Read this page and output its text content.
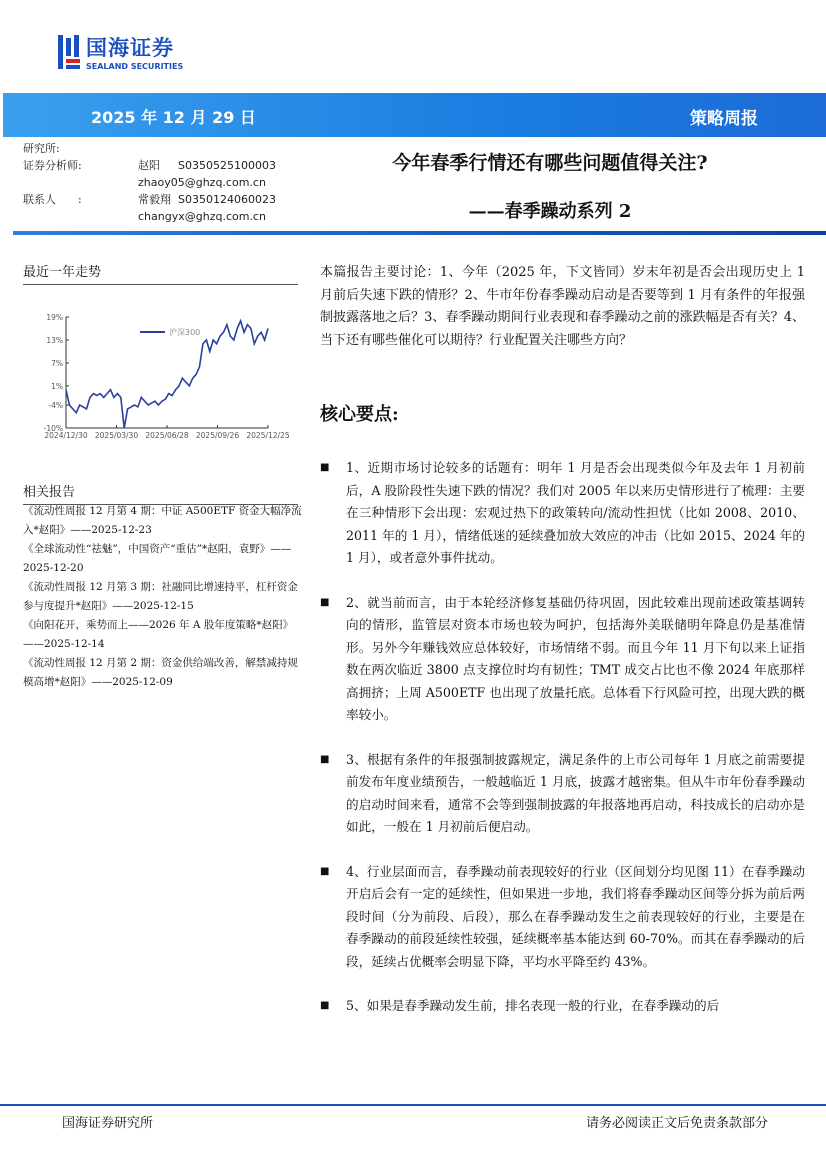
国海证券
SEALAND SECURITIES
2025 年 12 月 29 日	策略周报
研究所:
证券分析师:	赵阳	S0350525100003
zhaoy05@ghzq.com.cn
联系人　　:	常毅翔 S0350124060023
changyx@ghzq.com.cn
今年春季行情还有哪些问题值得关注?
——春季躁动系列 2
最近一年走势
沪深300
19%
13%
7%
1%
-4%
-10%
2024/12/30 2025/03/30 2025/06/28 2025/09/26 2025/12/25
相关报告
《流动性周报 12 月第 4 期：中证 A500ETF 资金大幅净流入*赵阳》——2025-12-23
《全球流动性“祛魅”，中国资产“重估”*赵阳，袁野》——2025-12-20
《流动性周报 12 月第 3 期：社融同比增速持平，杠杆资金参与度提升*赵阳》——2025-12-15
《向阳花开，乘势而上——2026 年 A 股年度策略*赵阳》——2025-12-14
《流动性周报 12 月第 2 期：资金供给端改善，解禁减持规模高增*赵阳》——2025-12-09
本篇报告主要讨论：1、今年（2025 年，下文皆同）岁末年初是否会出现历史上 1 月前后失速下跌的情形？2、牛市年份春季躁动启动是否要等到 1 月有条件的年报强制披露落地之后？3、春季躁动期间行业表现和春季躁动之前的涨跌幅是否有关？4、当下还有哪些催化可以期待？行业配置关注哪些方向？
核心要点:
■	1、近期市场讨论较多的话题有：明年 1 月是否会出现类似今年及去年 1 月初前后，A 股阶段性失速下跌的情况？我们对 2005 年以来历史情形进行了梳理：主要在三种情形下会出现：宏观过热下的政策转向/流动性担忧（比如 2008、2010、2011 年的 1 月），情绪低迷的延续叠加放大效应的冲击（比如 2015、2024 年的 1 月），或者意外事件扰动。
■	2、就当前而言，由于本轮经济修复基础仍待巩固，因此较难出现前述政策基调转向的情形，监管层对资本市场也较为呵护，包括海外美联储明年降息仍是基准情形。另外今年赚钱效应总体较好，市场情绪不弱。而且今年 11 月下旬以来上证指数在两次临近 3800 点支撑位时均有韧性；TMT 成交占比也不像 2024 年底那样高拥挤；上周 A500ETF 也出现了放量托底。总体看下行风险可控，出现大跌的概率较小。
■	3、根据有条件的年报强制披露规定，满足条件的上市公司每年 1 月底之前需要提前发布年度业绩预告，一般越临近 1 月底，披露才越密集。但从牛市年份春季躁动的启动时间来看，通常不会等到强制披露的年报落地再启动，科技成长的启动亦是如此，一般在 1 月初前后便启动。
■	4、行业层面而言，春季躁动前表现较好的行业（区间划分均见图 11）在春季躁动开启后会有一定的延续性，但如果进一步地，我们将春季躁动区间等分拆为前后两段时间（分为前段、后段），那么在春季躁动发生之前表现较好的行业，主要是在春季躁动的前段延续性较强，延续概率基本能达到 60-70%。而其在春季躁动的后段，延续占优概率会明显下降，平均水平降至约 43%。
■	5、如果是春季躁动发生前，排名表现一般的行业，在春季躁动的后
国海证券研究所	请务必阅读正文后免责条款部分
